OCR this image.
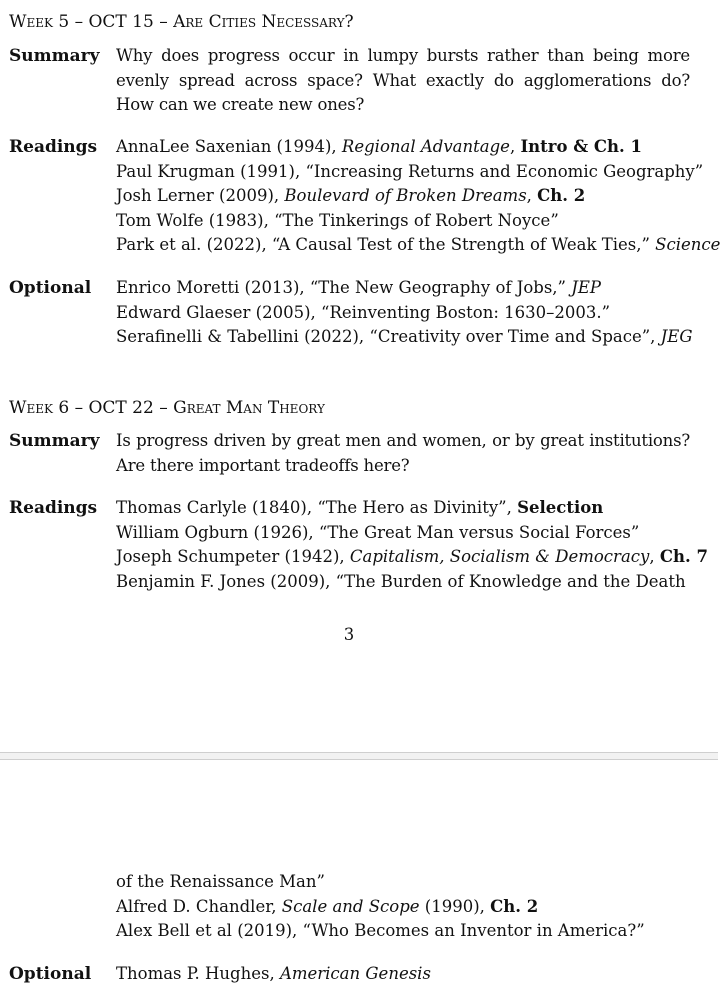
Week 5 – OCT 15 – Are Cities Necessary?
Summary Why does progress occur in lumpy bursts rather than being more evenly spread across space? What exactly do agglomerations do? How can we create new ones?
Readings AnnaLee Saxenian (1994), Regional Advantage, Intro & Ch. 1
Paul Krugman (1991), “Increasing Returns and Economic Geography”
Josh Lerner (2009), Boulevard of Broken Dreams, Ch. 2
Tom Wolfe (1983), “The Tinkerings of Robert Noyce”
Park et al. (2022), “A Causal Test of the Strength of Weak Ties,” Science
Optional Enrico Moretti (2013), “The New Geography of Jobs,” JEP
Edward Glaeser (2005), “Reinventing Boston: 1630–2003.”
Serafinelli & Tabellini (2022), “Creativity over Time and Space”, JEG
Week 6 – OCT 22 – Great Man Theory
Summary Is progress driven by great men and women, or by great institutions? Are there important tradeoffs here?
Readings Thomas Carlyle (1840), “The Hero as Divinity”, Selection
William Ogburn (1926), “The Great Man versus Social Forces”
Joseph Schumpeter (1942), Capitalism, Socialism & Democracy, Ch. 7
Benjamin F. Jones (2009), “The Burden of Knowledge and the Death
3
of the Renaissance Man”
Alfred D. Chandler, Scale and Scope (1990), Ch. 2
Alex Bell et al (2019), “Who Becomes an Inventor in America?”
Optional Thomas P. Hughes, American Genesis
